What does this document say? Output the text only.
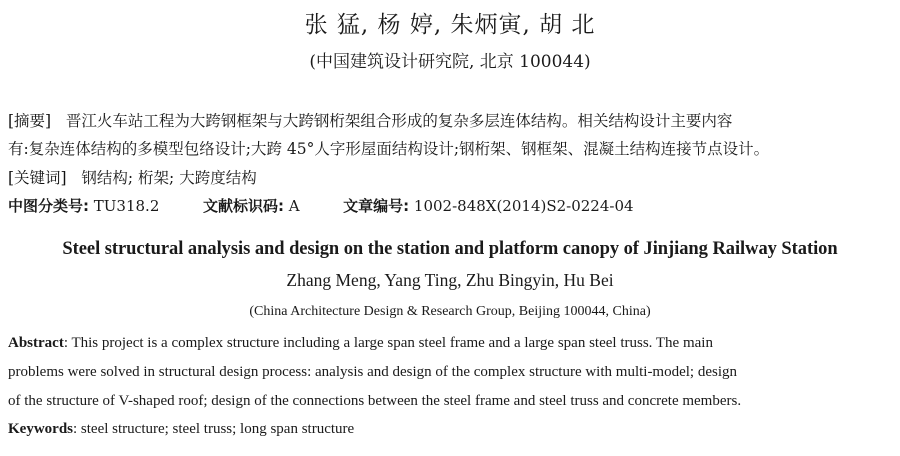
张 猛, 杨 婷, 朱炳寅, 胡 北
(中国建筑设计研究院, 北京 100044)
[摘要] 晋江火车站工程为大跨钢框架与大跨钢桁架组合形成的复杂多层连体结构。相关结构设计主要内容
有:复杂连体结构的多模型包络设计;大跨 45°人字形屋面结构设计;钢桁架、钢框架、混凝土结构连接节点设计。
[关键词] 钢结构; 桁架; 大跨度结构
中图分类号: TU318.2	文献标识码: A	文章编号: 1002-848X(2014)S2-0224-04
Steel structural analysis and design on the station and platform canopy of Jinjiang Railway Station
Zhang Meng, Yang Ting, Zhu Bingyin, Hu Bei
(China Architecture Design & Research Group, Beijing 100044, China)
Abstract: This project is a complex structure including a large span steel frame and a large span steel truss. The main
problems were solved in structural design process: analysis and design of the complex structure with multi-model; design
of the structure of V-shaped roof; design of the connections between the steel frame and steel truss and concrete members.
Keywords: steel structure; steel truss; long span structure
